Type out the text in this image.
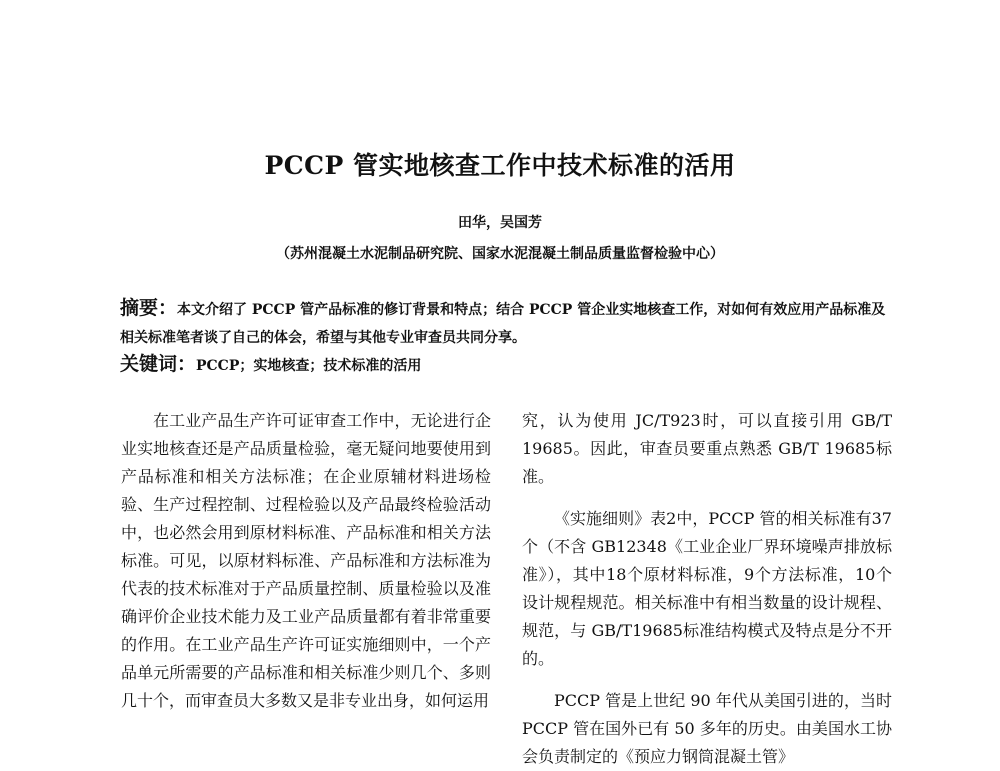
PCCP 管实地核查工作中技术标准的活用
田华，吴国芳
（苏州混凝土水泥制品研究院、国家水泥混凝土制品质量监督检验中心）
摘要：本文介绍了 PCCP 管产品标准的修订背景和特点；结合 PCCP 管企业实地核查工作，对如何有效应用产品标准及相关标准笔者谈了自己的体会，希望与其他专业审查员共同分享。
关键词：PCCP；实地核查；技术标准的活用

在工业产品生产许可证审查工作中，无论进行企业实地核查还是产品质量检验，毫无疑问地要使用到产品标准和相关方法标准；在企业原辅材料进场检验、生产过程控制、过程检验以及产品最终检验活动中，也必然会用到原材料标准、产品标准和相关方法标准。可见，以原材料标准、产品标准和方法标准为代表的技术标准对于产品质量控制、质量检验以及准确评价企业技术能力及工业产品质量都有着非常重要的作用。在工业产品生产许可证实施细则中，一个产品单元所需要的产品标准和相关标准少则几个、多则几十个，而审查员大多数又是非专业出身，如何运用

究，认为使用 JC/T923时，可以直接引用 GB/T 19685。因此，审查员要重点熟悉 GB/T 19685标准。

《实施细则》表2中，PCCP 管的相关标准有37个（不含 GB12348《工业企业厂界环境噪声排放标准》），其中18个原材料标准，9个方法标准，10个设计规程规范。相关标准中有相当数量的设计规程、规范，与 GB/T19685标准结构模式及特点是分不开的。

PCCP 管是上世纪 90 年代从美国引进的，当时 PCCP 管在国外已有 50 多年的历史。由美国水工协会负责制定的《预应力钢筒混凝土管》
